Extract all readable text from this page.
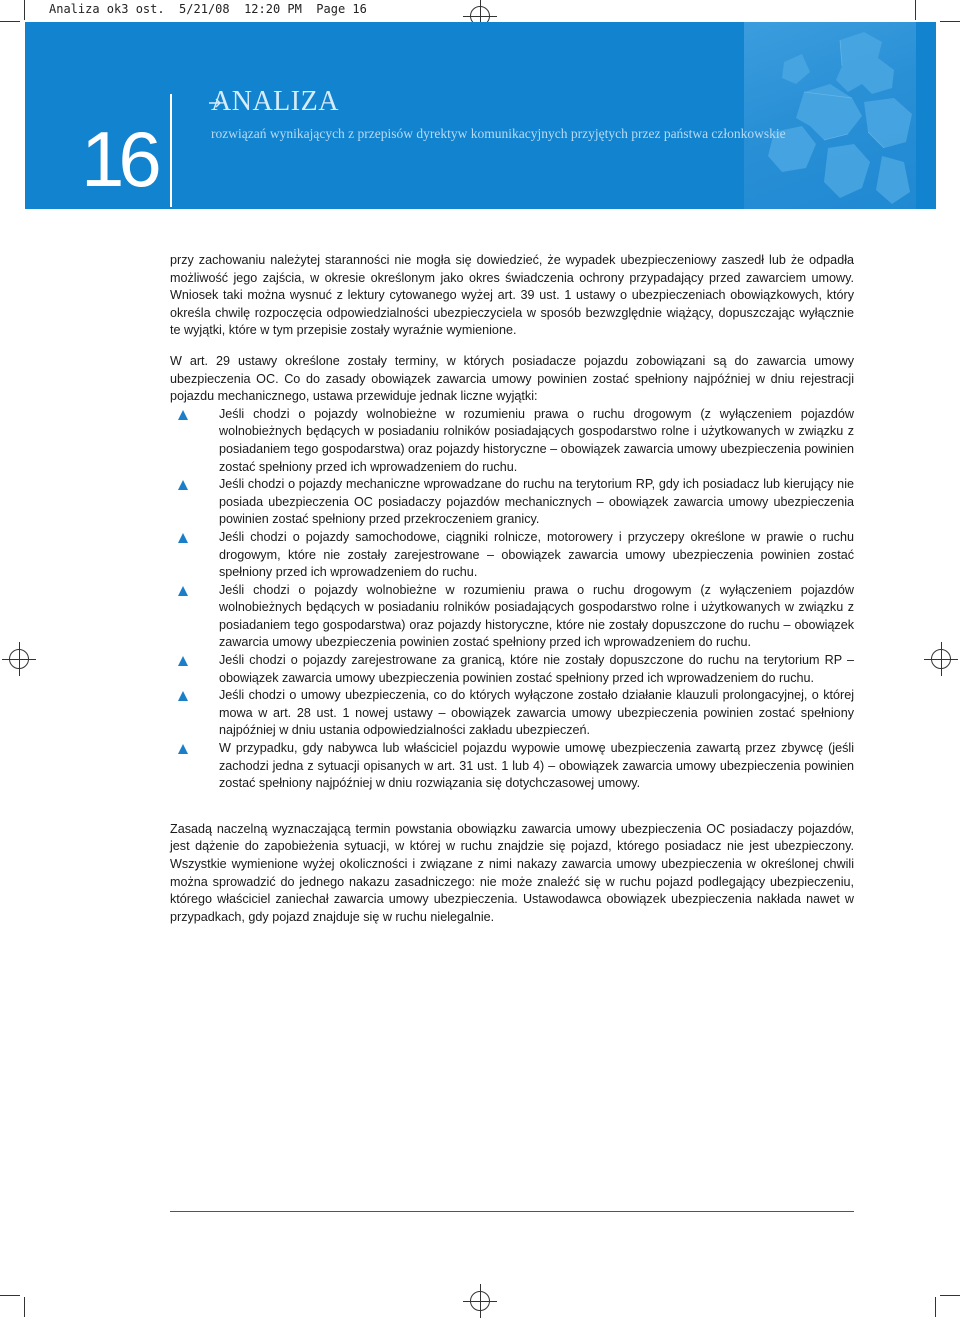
Analiza ok3 ost.  5/21/08  12:20 PM  Page 16
16
ANALIZA
rozwiązań wynikających z przepisów dyrektyw komunikacyjnych przyjętych przez państwa członkowskie

przy zachowaniu należytej staranności nie mogła się dowiedzieć, że wypadek ubezpieczeniowy zaszedł lub że odpadła możliwość jego zajścia, w okresie określonym jako okres świadczenia ochrony przypadający przed zawarciem umowy. Wniosek taki można wysnuć z lektury cytowanego wyżej art. 39 ust. 1 ustawy o ubezpieczeniach obowiązkowych, który określa chwilę rozpoczęcia odpowiedzialności ubezpieczyciela w sposób bezwzględnie wiążący, dopuszczając wyłącznie te wyjątki, które w tym przepisie zostały wyraźnie wymienione.

W art. 29 ustawy określone zostały terminy, w których posiadacze pojazdu zobowiązani są do zawarcia umowy ubezpieczenia OC. Co do zasady obowiązek zawarcia umowy powinien zostać spełniony najpóźniej w dniu rejestracji pojazdu mechanicznego, ustawa przewiduje jednak liczne wyjątki:

Jeśli chodzi o pojazdy wolnobieżne w rozumieniu prawa o ruchu drogowym (z wyłączeniem pojazdów wolnobieżnych będących w posiadaniu rolników posiadających gospodarstwo rolne i użytkowanych w związku z posiadaniem tego gospodarstwa) oraz pojazdy historyczne – obowiązek zawarcia umowy ubezpieczenia powinien zostać spełniony przed ich wprowadzeniem do ruchu.
Jeśli chodzi o pojazdy mechaniczne wprowadzane do ruchu na terytorium RP, gdy ich posiadacz lub kierujący nie posiada ubezpieczenia OC posiadaczy pojazdów mechanicznych – obowiązek zawarcia umowy ubezpieczenia powinien zostać spełniony przed przekroczeniem granicy.
Jeśli chodzi o pojazdy samochodowe, ciągniki rolnicze, motorowery i przyczepy określone w prawie o ruchu drogowym, które nie zostały zarejestrowane – obowiązek zawarcia umowy ubezpieczenia powinien zostać spełniony przed ich wprowadzeniem do ruchu.
Jeśli chodzi o pojazdy wolnobieżne w rozumieniu prawa o ruchu drogowym (z wyłączeniem pojazdów wolnobieżnych będących w posiadaniu rolników posiadających gospodarstwo rolne i użytkowanych w związku z posiadaniem tego gospodarstwa) oraz pojazdy historyczne, które nie zostały dopuszczone do ruchu – obowiązek zawarcia umowy ubezpieczenia powinien zostać spełniony przed ich wprowadzeniem do ruchu.
Jeśli chodzi o pojazdy zarejestrowane za granicą, które nie zostały dopuszczone do ruchu na terytorium RP – obowiązek zawarcia umowy ubezpieczenia powinien zostać spełniony przed ich wprowadzeniem do ruchu.
Jeśli chodzi o umowy ubezpieczenia, co do których wyłączone zostało działanie klauzuli prolongacyjnej, o której mowa w art. 28 ust. 1 nowej ustawy – obowiązek zawarcia umowy ubezpieczenia powinien zostać spełniony najpóźniej w dniu ustania odpowiedzialności zakładu ubezpieczeń.
W przypadku, gdy nabywca lub właściciel pojazdu wypowie umowę ubezpieczenia zawartą przez zbywcę (jeśli zachodzi jedna z sytuacji opisanych w art. 31 ust. 1 lub 4) – obowiązek zawarcia umowy ubezpieczenia powinien zostać spełniony najpóźniej w dniu rozwiązania się dotychczasowej umowy.

Zasadą naczelną wyznaczającą termin powstania obowiązku zawarcia umowy ubezpieczenia OC posiadaczy pojazdów, jest dążenie do zapobieżenia sytuacji, w której w ruchu znajdzie się pojazd, którego posiadacz nie jest ubezpieczony. Wszystkie wymienione wyżej okoliczności i związane z nimi nakazy zawarcia umowy ubezpieczenia w określonej chwili można sprowadzić do jednego nakazu zasadniczego: nie może znaleźć się w ruchu pojazd podlegający ubezpieczeniu, którego właściciel zaniechał zawarcia umowy ubezpieczenia. Ustawodawca obowiązek ubezpieczenia nakłada nawet w przypadkach, gdy pojazd znajduje się w ruchu nielegalnie.
